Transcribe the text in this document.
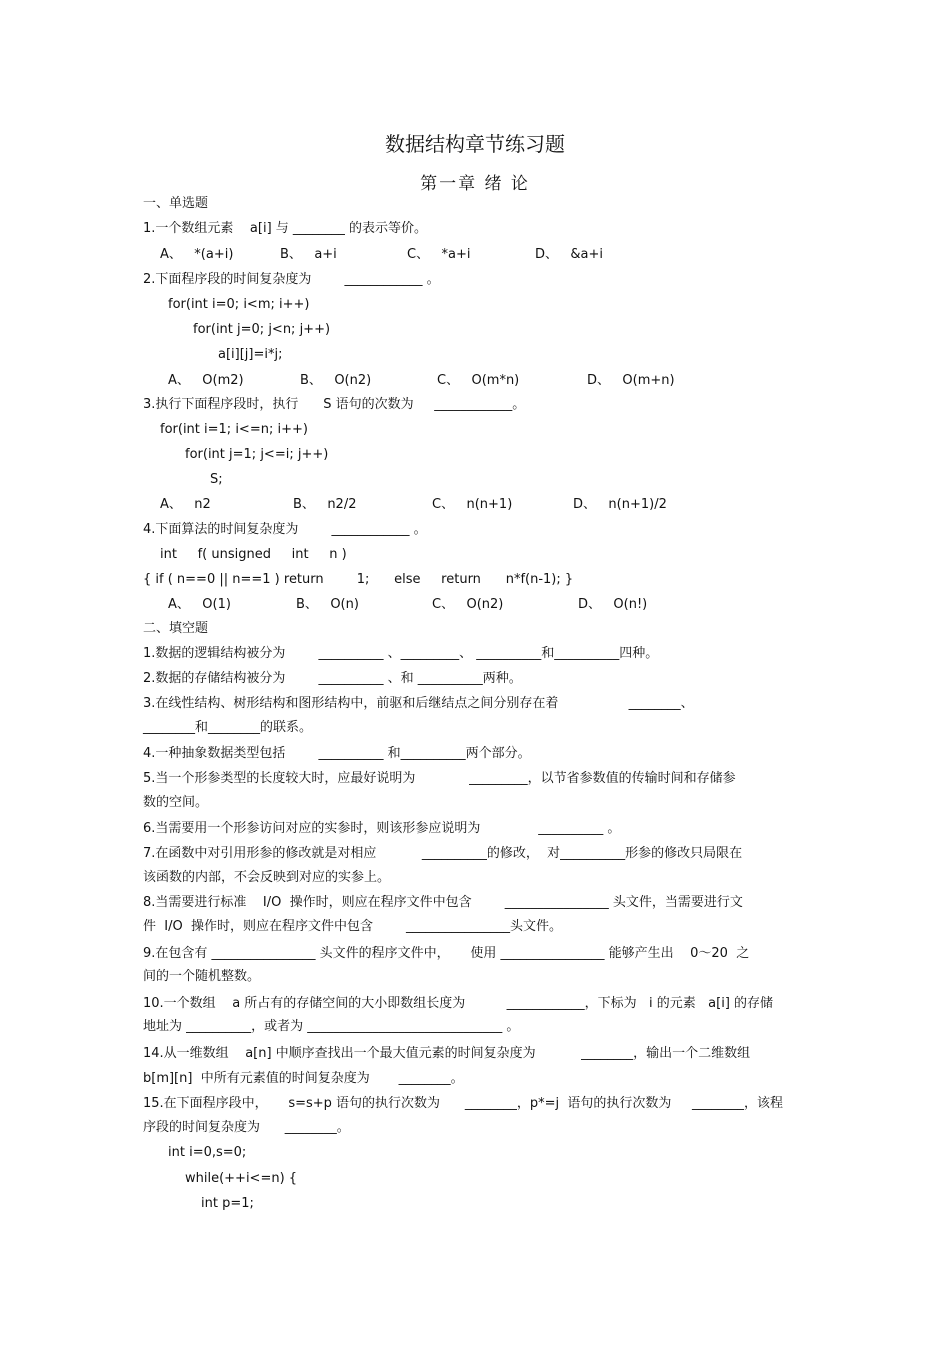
数据结构章节练习题
第一章 绪 论
一、单选题
1.一个数组元素    a[i] 与 ________ 的表示等价。
A、   *(a+i)	B、   a+i	C、   *a+i	D、   &a+i
2.下面程序段的时间复杂度为        ____________ 。
for(int i=0; i<m; i++)
for(int j=0; j<n; j++)
a[i][j]=i*j;
A、   O(m2)	B、   O(n2)	C、   O(m*n)	D、   O(m+n)
3.执行下面程序段时，执行      S 语句的次数为     ____________。
for(int i=1; i<=n; i++)
for(int j=1; j<=i; j++)
S;
A、   n2	B、   n2/2	C、   n(n+1)	D、   n(n+1)/2
4.下面算法的时间复杂度为        ____________ 。
int     f( unsigned     int     n )
{ if ( n==0 || n==1 ) return        1;      else     return      n*f(n-1); }
A、   O(1)	B、   O(n)	C、   O(n2)	D、   O(n!)
二、填空题
1.数据的逻辑结构被分为        __________ 、_________、 __________和__________四种。
2.数据的存储结构被分为        __________ 、和 __________两种。
3.在线性结构、树形结构和图形结构中，前驱和后继结点之间分别存在着                 ________、
________和________的联系。
4.一种抽象数据类型包括        __________ 和__________两个部分。
5.当一个形参类型的长度较大时，应最好说明为             _________，以节省参数值的传输时间和存储参
数的空间。
6.当需要用一个形参访问对应的实参时，则该形参应说明为              __________ 。
7.在函数中对引用形参的修改就是对相应           __________的修改，  对__________形参的修改只局限在
该函数的内部，不会反映到对应的实参上。
8.当需要进行标准    I/O  操作时，则应在程序文件中包含        ________________ 头文件，当需要进行文
件  I/O  操作时，则应在程序文件中包含        ________________头文件。
9.在包含有 ________________ 头文件的程序文件中，     使用 ________________ 能够产生出    0～20  之
间的一个随机整数。
10.一个数组    a 所占有的存储空间的大小即数组长度为          ____________，下标为   i 的元素   a[i] 的存储
地址为 __________，或者为 ______________________________ 。
14.从一维数组    a[n] 中顺序查找出一个最大值元素的时间复杂度为           ________，输出一个二维数组
b[m][n]  中所有元素值的时间复杂度为       ________。
15.在下面程序段中，     s=s+p 语句的执行次数为      ________，p*=j  语句的执行次数为     ________，该程
序段的时间复杂度为      ________。
int i=0,s=0;
while(++i<=n) {
int p=1;
